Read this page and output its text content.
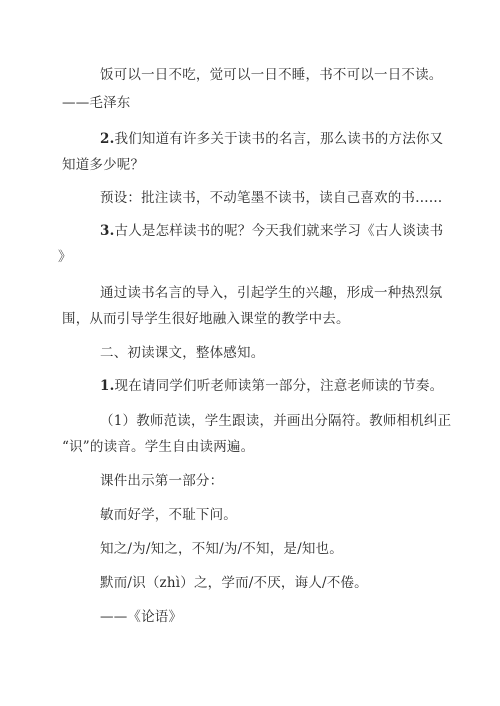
饭可以一日不吃，觉可以一日不睡，书不可以一日不读。
——毛泽东
2.我们知道有许多关于读书的名言，那么读书的方法你又
知道多少呢？
预设：批注读书，不动笔墨不读书，读自己喜欢的书……
3.古人是怎样读书的呢？今天我们就来学习《古人谈读书
》
通过读书名言的导入，引起学生的兴趣，形成一种热烈氛
围，从而引导学生很好地融入课堂的教学中去。
二、初读课文，整体感知。
1.现在请同学们听老师读第一部分，注意老师读的节奏。
（1）教师范读，学生跟读，并画出分隔符。教师相机纠正
“识”的读音。学生自由读两遍。
课件出示第一部分：
敏而好学，不耻下问。
知之/为/知之，不知/为/不知，是/知也。
默而/识（zhì）之，学而/不厌，诲人/不倦。
——《论语》
